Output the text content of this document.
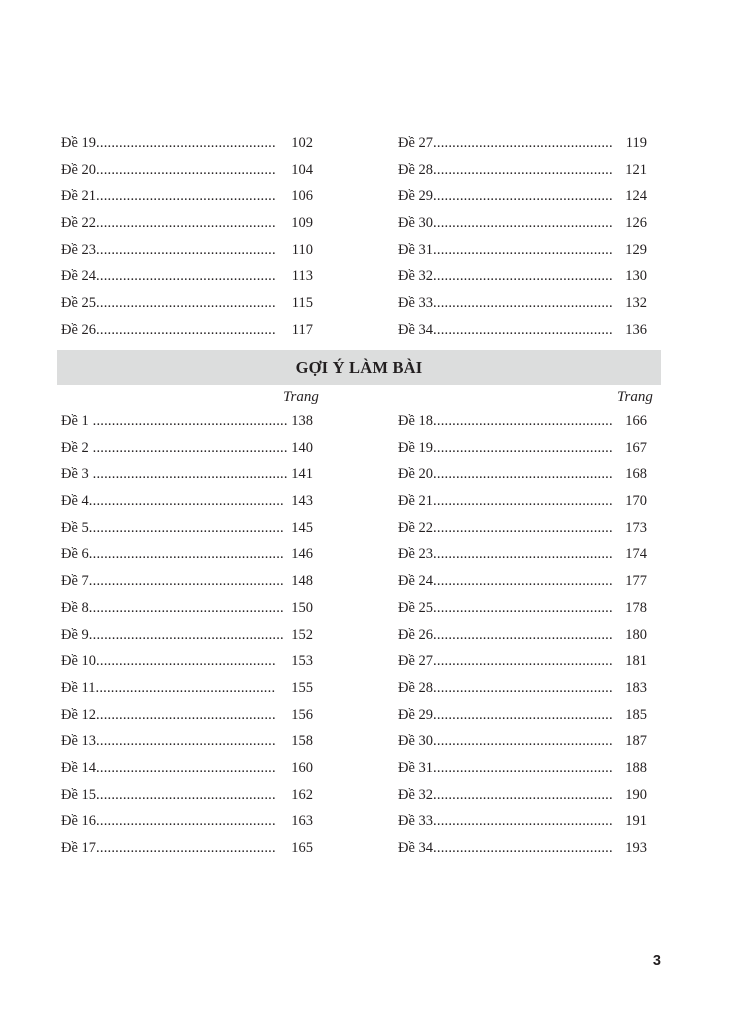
Đề 19............................................... 102
Đề 20............................................... 104
Đề 21............................................... 106
Đề 22............................................... 109
Đề 23............................................... 110
Đề 24............................................... 113
Đề 25............................................... 115
Đề 26............................................... 117
Đề 27............................................... 119
Đề 28............................................... 121
Đề 29............................................... 124
Đề 30............................................... 126
Đề 31............................................... 129
Đề 32............................................... 130
Đề 33............................................... 132
Đề 34............................................... 136
GỢI Ý LÀM BÀI
Trang	Trang
Đề 1 ................................................... 138
Đề 2 ................................................... 140
Đề 3 ................................................... 141
Đề 4................................................... 143
Đề 5................................................... 145
Đề 6................................................... 146
Đề 7................................................... 148
Đề 8................................................... 150
Đề 9................................................... 152
Đề 10............................................... 153
Đề 11............................................... 155
Đề 12............................................... 156
Đề 13............................................... 158
Đề 14............................................... 160
Đề 15............................................... 162
Đề 16............................................... 163
Đề 17............................................... 165
Đề 18............................................... 166
Đề 19............................................... 167
Đề 20............................................... 168
Đề 21............................................... 170
Đề 22............................................... 173
Đề 23............................................... 174
Đề 24............................................... 177
Đề 25............................................... 178
Đề 26............................................... 180
Đề 27............................................... 181
Đề 28............................................... 183
Đề 29............................................... 185
Đề 30............................................... 187
Đề 31............................................... 188
Đề 32............................................... 190
Đề 33............................................... 191
Đề 34............................................... 193
3
